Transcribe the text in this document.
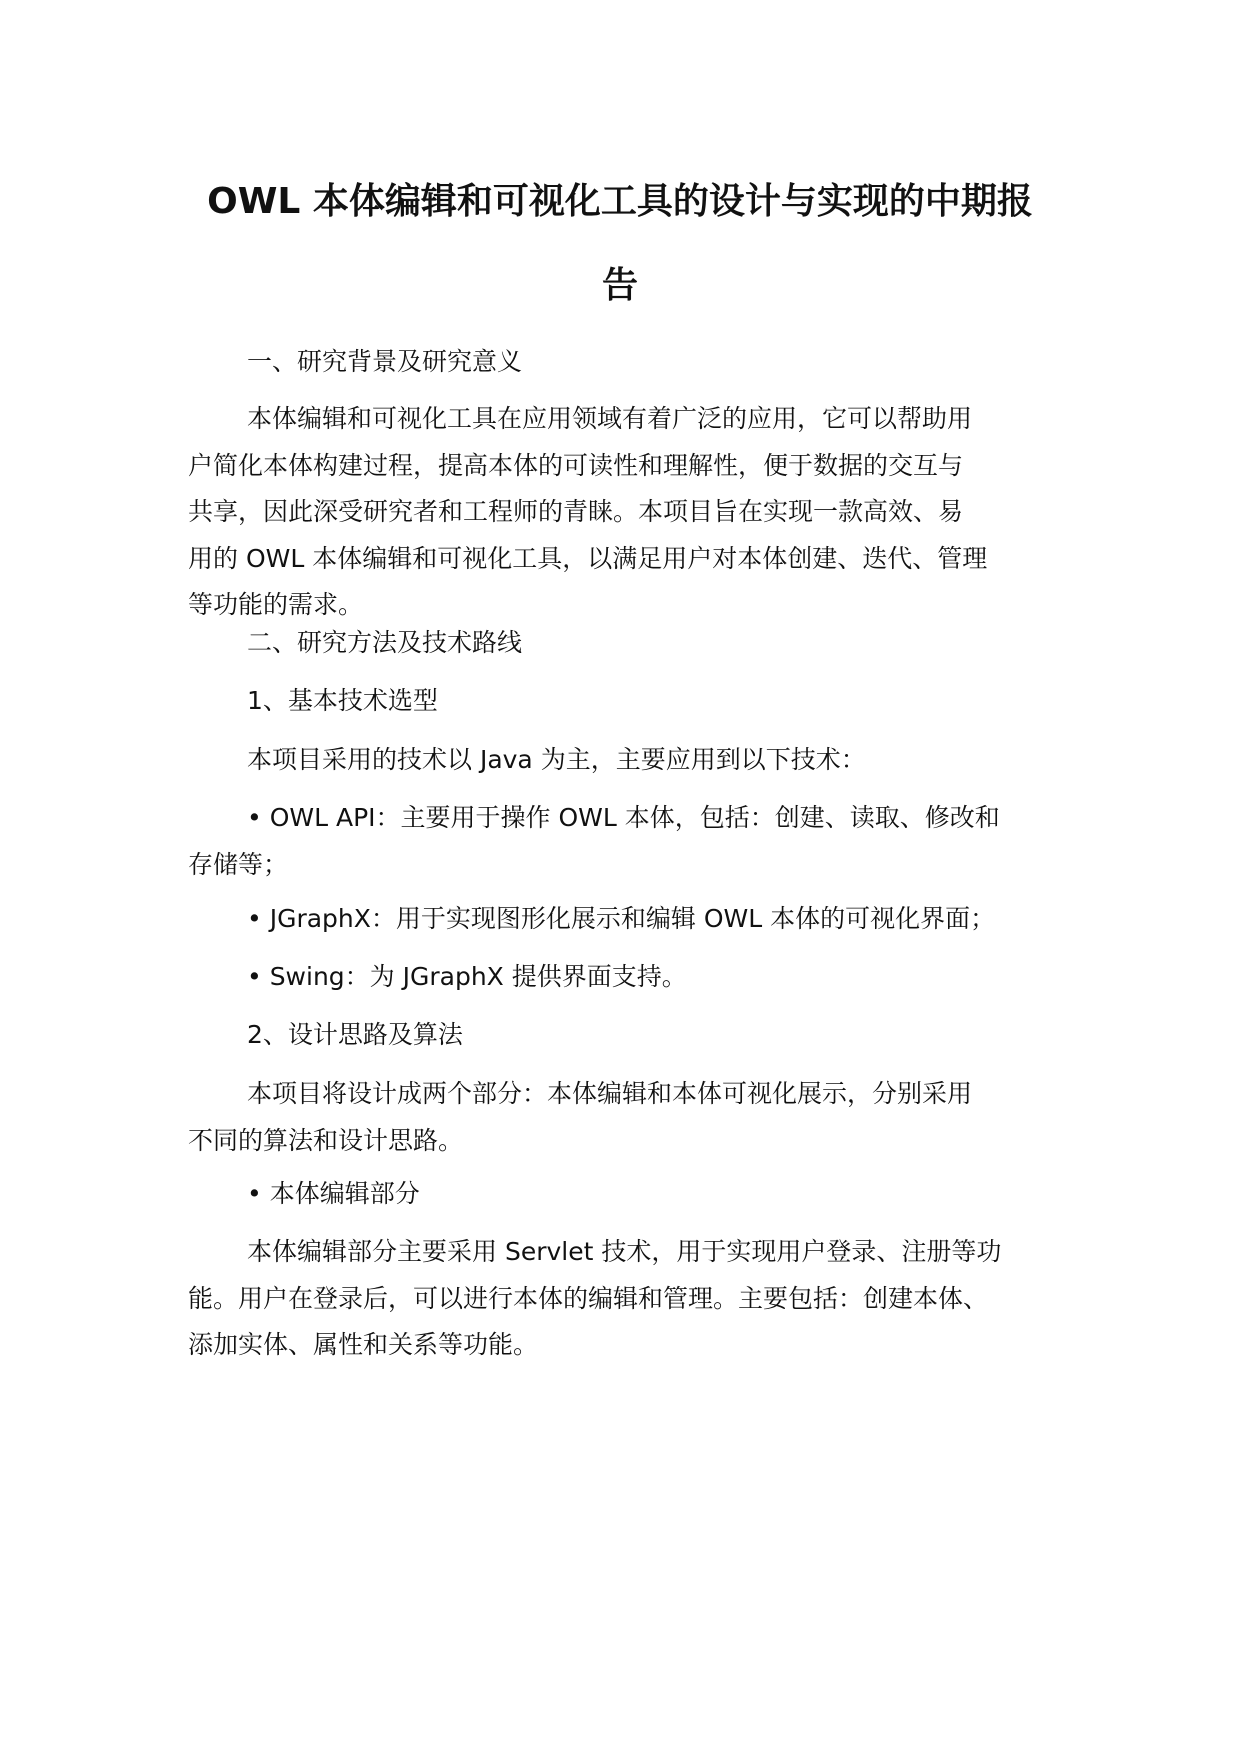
OWL 本体编辑和可视化工具的设计与实现的中期报
告

一、研究背景及研究意义

本体编辑和可视化工具在应用领域有着广泛的应用，它可以帮助用
户简化本体构建过程，提高本体的可读性和理解性，便于数据的交互与
共享，因此深受研究者和工程师的青睐。本项目旨在实现一款高效、易
用的 OWL 本体编辑和可视化工具，以满足用户对本体创建、迭代、管理
等功能的需求。

二、研究方法及技术路线

1、基本技术选型

本项目采用的技术以 Java 为主，主要应用到以下技术：

• OWL API：主要用于操作 OWL 本体，包括：创建、读取、修改和
存储等；

• JGraphX：用于实现图形化展示和编辑 OWL 本体的可视化界面；

• Swing：为 JGraphX 提供界面支持。

2、设计思路及算法

本项目将设计成两个部分：本体编辑和本体可视化展示，分别采用
不同的算法和设计思路。

• 本体编辑部分

本体编辑部分主要采用 Servlet 技术，用于实现用户登录、注册等功
能。用户在登录后，可以进行本体的编辑和管理。主要包括：创建本体、
添加实体、属性和关系等功能。
